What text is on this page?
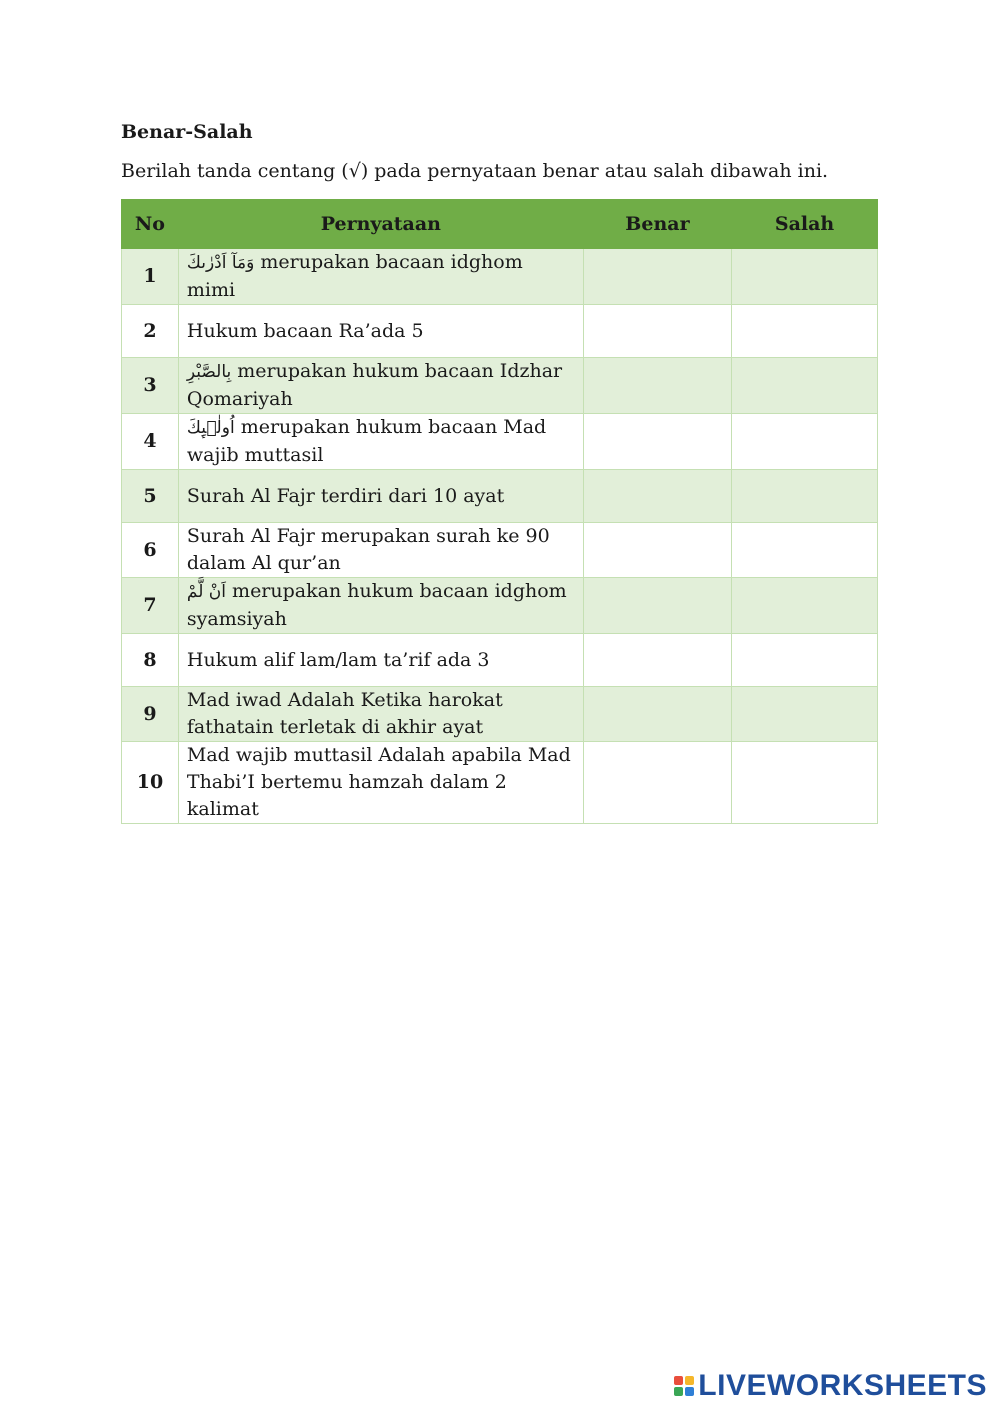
Benar-Salah

Berilah tanda centang (√) pada pernyataan benar atau salah dibawah ini.

No	Pernyataan	Benar	Salah
1	وَمَآ اَدْرٰىكَ merupakan bacaan idghom mimi		
2	Hukum bacaan Ra’ada 5		
3	بِالصَّبْرِ merupakan hukum bacaan Idzhar Qomariyah		
4	اُولٰۤىِٕكَ merupakan hukum bacaan Mad wajib muttasil		
5	Surah Al Fajr terdiri dari 10 ayat		
6	Surah Al Fajr merupakan surah ke 90 dalam Al qur’an		
7	اَنْ لَّمْ merupakan hukum bacaan idghom syamsiyah		
8	Hukum alif lam/lam ta’rif ada 3		
9	Mad iwad Adalah Ketika harokat fathatain terletak di akhir ayat		
10	Mad wajib muttasil Adalah apabila Mad Thabi’I bertemu hamzah dalam 2 kalimat		
LIVEWORKSHEETS
